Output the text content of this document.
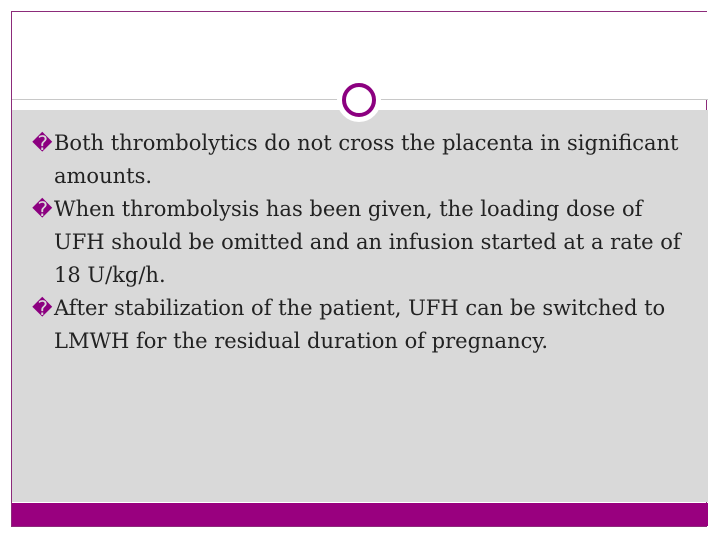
� Both thrombolytics do not cross the placenta in significant amounts.
� When thrombolysis has been given, the loading dose of UFH should be omitted and an infusion started at a rate of 18 U/kg/h.
� After stabilization of the patient, UFH can be switched to LMWH for the residual duration of pregnancy.
